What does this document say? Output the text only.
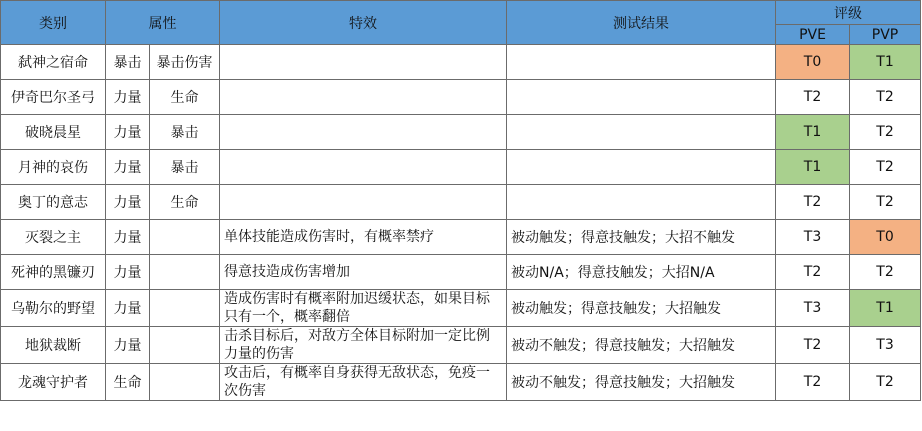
类别	属性		特效	测试结果	评级	
					PVE	PVP
弑神之宿命	暴击	暴击伤害			T0	T1
伊奇巴尔圣弓	力量	生命			T2	T2
破晓晨星	力量	暴击			T1	T2
月神的哀伤	力量	暴击			T1	T2
奥丁的意志	力量	生命			T2	T2
灭裂之主	力量		单体技能造成伤害时，有概率禁疗	被动触发；得意技触发；大招不触发	T3	T0
死神的黑镰刃	力量		得意技造成伤害增加	被动N/A；得意技触发；大招N/A	T2	T2
乌勒尔的野望	力量		造成伤害时有概率附加迟缓状态，如果目标只有一个，概率翻倍	被动触发；得意技触发；大招触发	T3	T1
地狱裁断	力量		击杀目标后，对敌方全体目标附加一定比例力量的伤害	被动不触发；得意技触发；大招触发	T2	T3
龙魂守护者	生命		攻击后，有概率自身获得无敌状态，免疫一次伤害	被动不触发；得意技触发；大招触发	T2	T2
